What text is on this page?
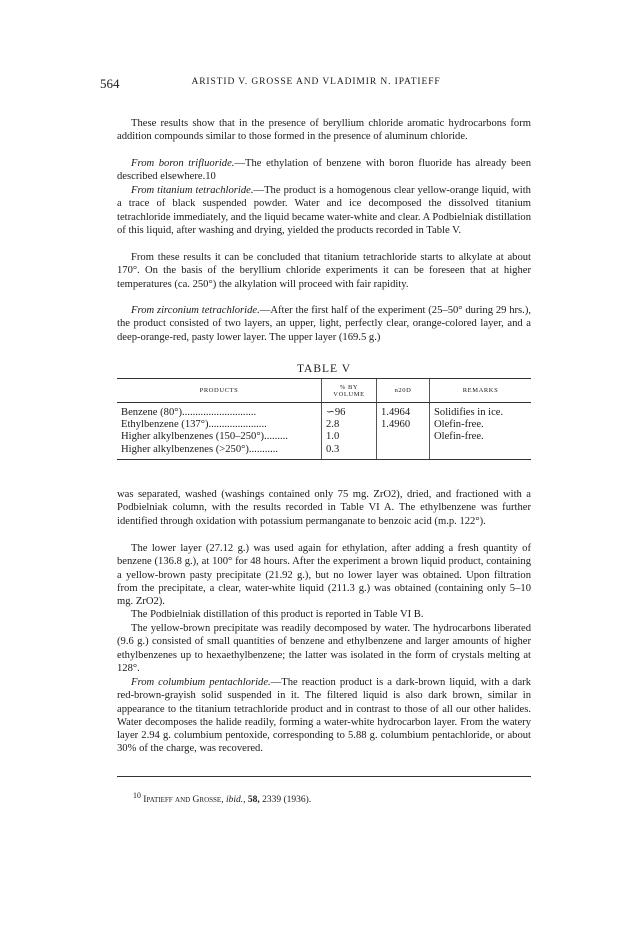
564	ARISTID V. GROSSE AND VLADIMIR N. IPATIEFF

These results show that in the presence of beryllium chloride aromatic hydrocarbons form addition compounds similar to those formed in the presence of aluminum chloride.

From boron trifluoride.—The ethylation of benzene with boron fluoride has already been described elsewhere.10

From titanium tetrachloride.—The product is a homogenous clear yellow-orange liquid, with a trace of black suspended powder. Water and ice decomposed the dissolved titanium tetrachloride immediately, and the liquid became water-white and clear. A Podbielniak distillation of this liquid, after washing and drying, yielded the products recorded in Table V.

From these results it can be concluded that titanium tetrachloride starts to alkylate at about 170°. On the basis of the beryllium chloride experiments it can be foreseen that at higher temperatures (ca. 250°) the alkylation will proceed with fair rapidity.

From zirconium tetrachloride.—After the first half of the experiment (25–50° during 29 hrs.), the product consisted of two layers, an upper, light, perfectly clear, orange-colored layer, and a deep-orange-red, pasty lower layer. The upper layer (169.5 g.)

TABLE V
PRODUCTS	% BY VOLUME	n20D	REMARKS
Benzene (80°)............................	∽96	1.4964	Solidifies in ice.
Ethylbenzene (137°)......................	2.8	1.4960	Olefin-free.
Higher alkylbenzenes (150–250°).........	1.0		Olefin-free.
Higher alkylbenzenes (>250°)...........	0.3		

was separated, washed (washings contained only 75 mg. ZrO2), dried, and fractioned with a Podbielniak column, with the results recorded in Table VI A. The ethylbenzene was further identified through oxidation with potassium permanganate to benzoic acid (m.p. 122°).

The lower layer (27.12 g.) was used again for ethylation, after adding a fresh quantity of benzene (136.8 g.), at 100° for 48 hours. After the experiment a brown liquid product, containing a yellow-brown pasty precipitate (21.92 g.), but no lower layer was obtained. Upon filtration from the precipitate, a clear, water-white liquid (211.3 g.) was obtained (containing only 5–10 mg. ZrO2).

The Podbielniak distillation of this product is reported in Table VI B.

The yellow-brown precipitate was readily decomposed by water. The hydrocarbons liberated (9.6 g.) consisted of small quantities of benzene and ethylbenzene and larger amounts of higher ethylbenzenes up to hexaethylbenzene; the latter was isolated in the form of crystals melting at 128°.

From columbium pentachloride.—The reaction product is a dark-brown liquid, with a dark red-brown-grayish solid suspended in it. The filtered liquid is also dark brown, similar in appearance to the titanium tetrachloride product and in contrast to those of all our other halides. Water decomposes the halide readily, forming a water-white hydrocarbon layer. From the watery layer 2.94 g. columbium pentoxide, corresponding to 5.88 g. columbium pentachloride, or about 30% of the charge, was recovered.

$^{10}$ Ipatieff and Grosse, ibid., 58, 2339 (1936).
